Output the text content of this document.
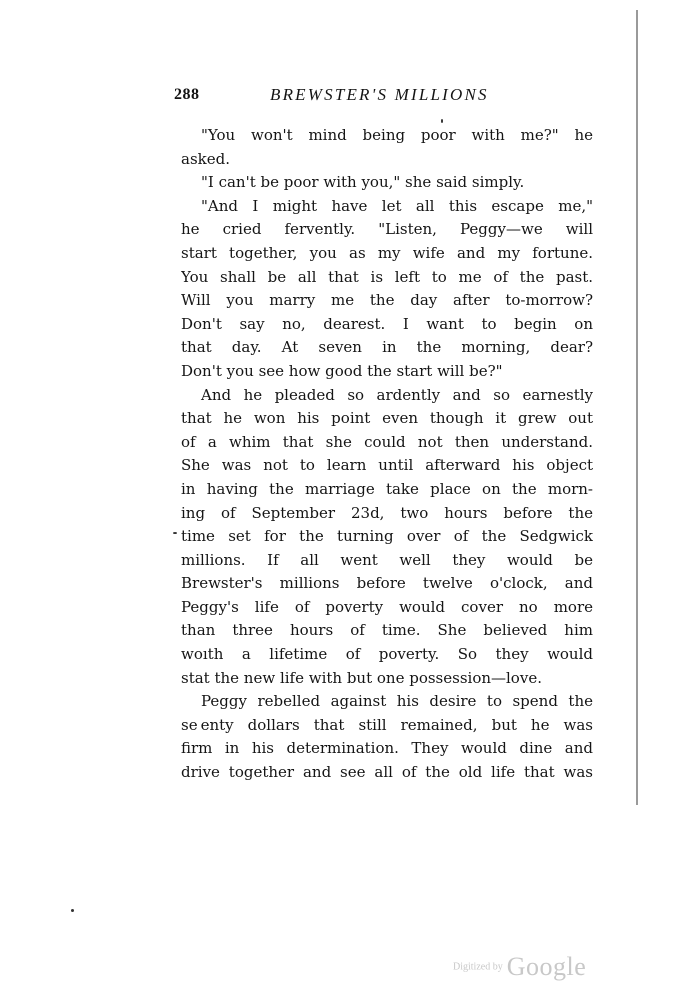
288	BREWSTER'S MILLIONS
"You won't mind being poor with me?" he
asked.
"I can't be poor with you," she said simply.
"And I might have let all this escape me,"
he cried fervently. "Listen, Peggy—we will
start together, you as my wife and my fortune.
You shall be all that is left to me of the past.
Will you marry me the day after to-morrow?
Don't say no, dearest. I want to begin on
that day. At seven in the morning, dear?
Don't you see how good the start will be?"
And he pleaded so ardently and so earnestly
that he won his point even though it grew out
of a whim that she could not then understand.
She was not to learn until afterward his object
in having the marriage take place on the morn-
ing of September 23d, two hours before the
time set for the turning over of the Sedgwick
millions. If all went well they would be
Brewster's millions before twelve o'clock, and
Peggy's life of poverty would cover no more
than three hours of time. She believed him
woıth a lifetime of poverty. So they would
stat the new life with but one possession—love.
Peggy rebelled against his desire to spend the
se enty dollars that still remained, but he was
firm in his determination. They would dine and
drive together and see all of the old life that was
Digitized by Google
